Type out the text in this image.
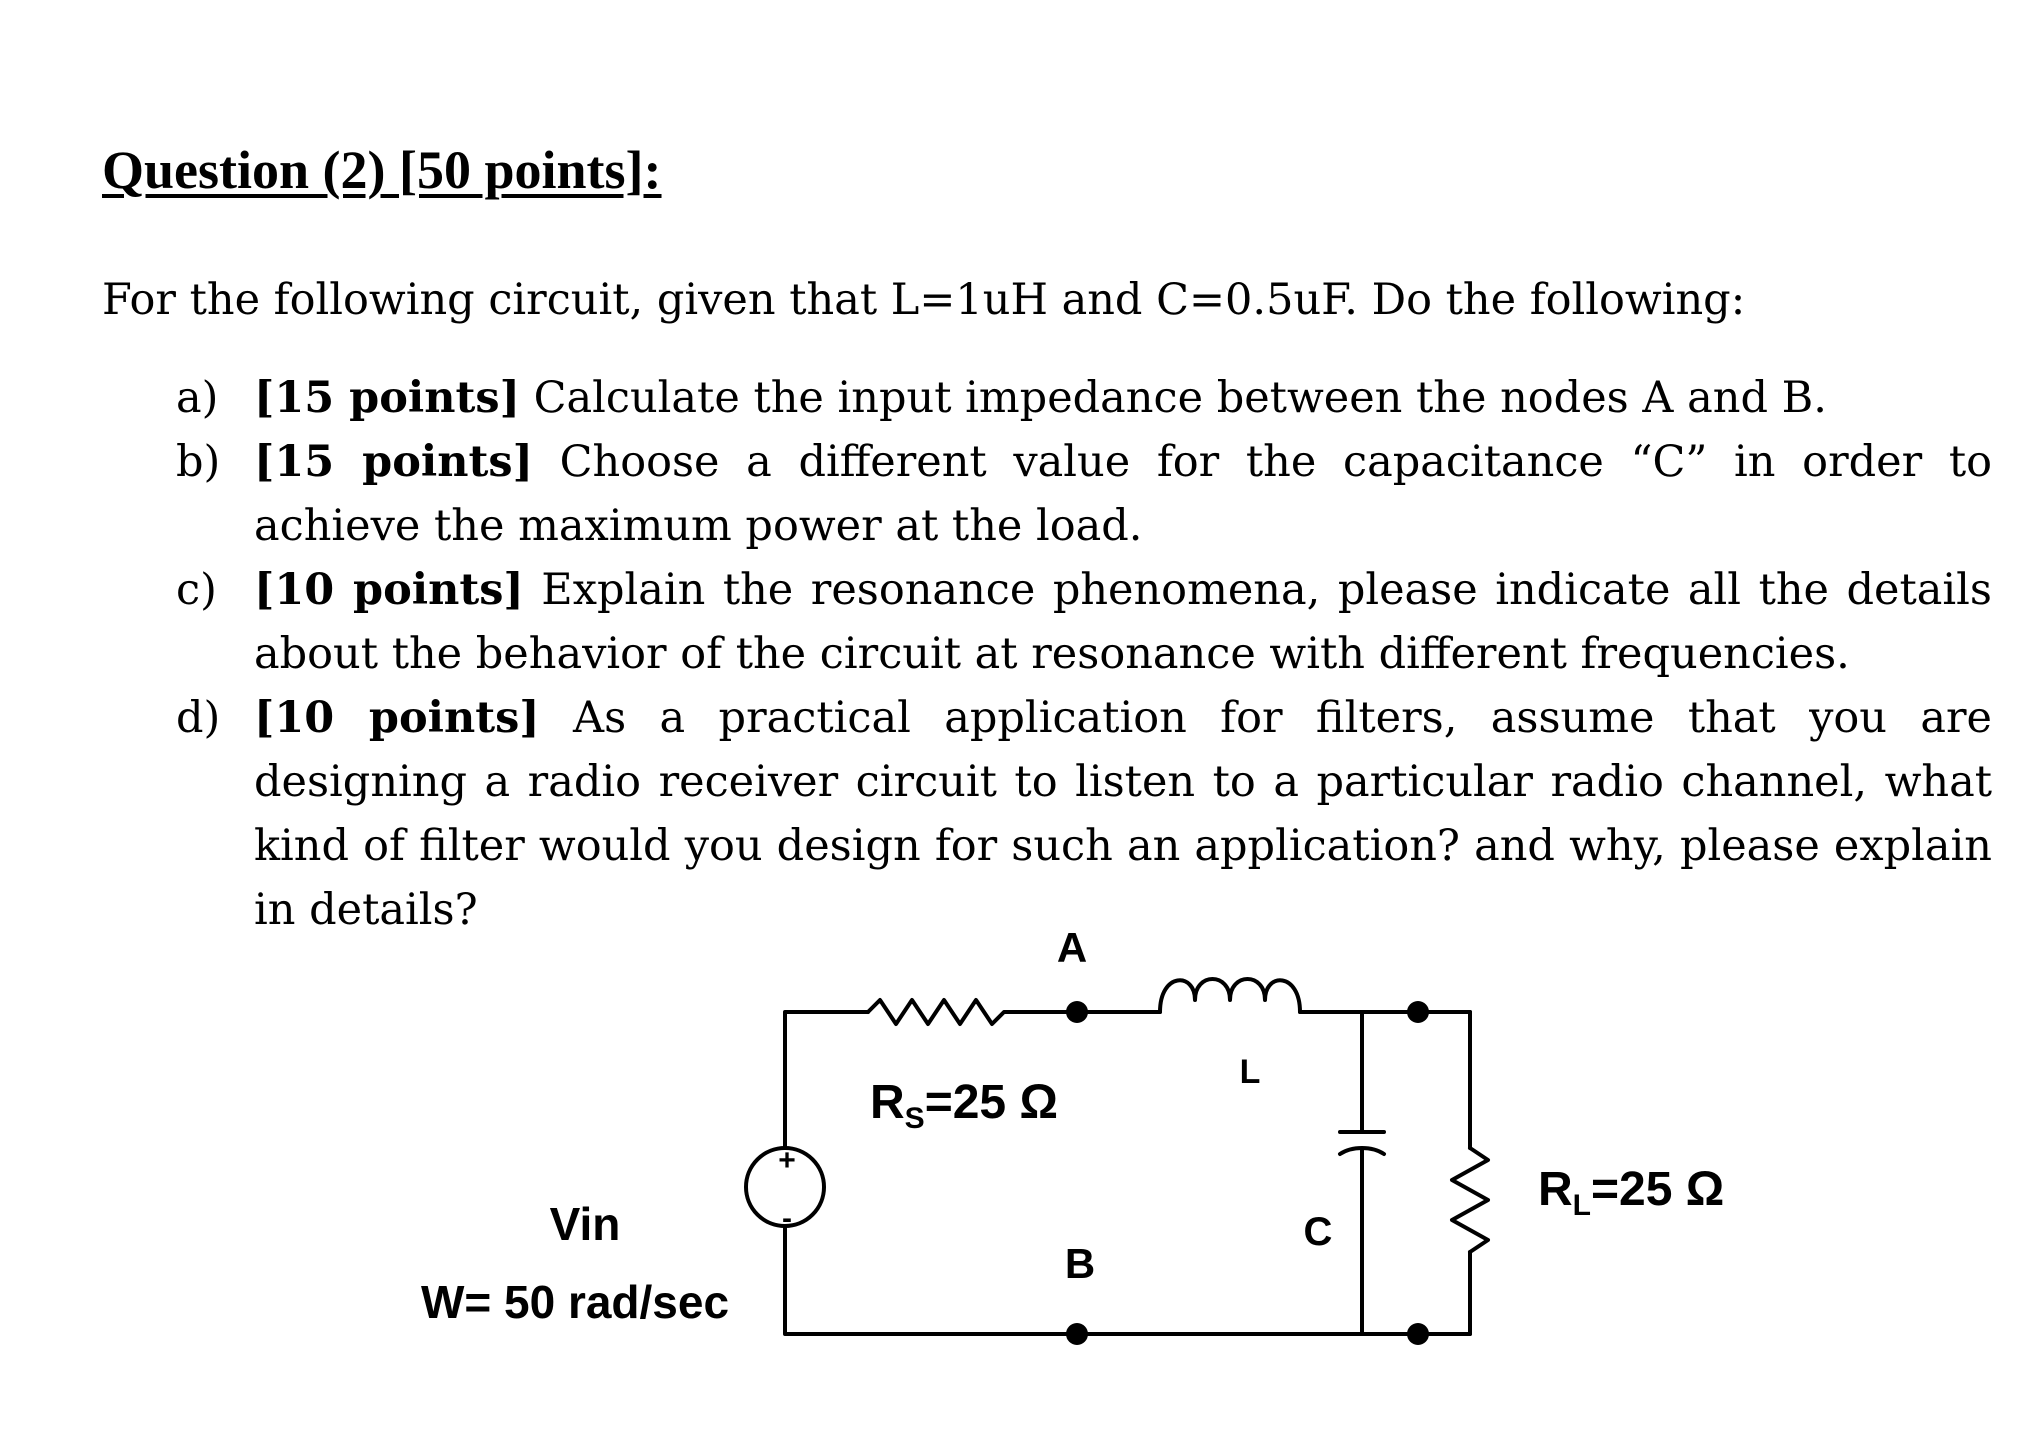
Question (2) [50 points]:
For the following circuit, given that L=1uH and C=0.5uF. Do the following:
a) [15 points] Calculate the input impedance between the nodes A and B.
b) [15 points] Choose a different value for the capacitance “C” in order to achieve the maximum power at the load.
c) [10 points] Explain the resonance phenomena, please indicate all the details about the behavior of the circuit at resonance with different frequencies.
d) [10 points] As a practical application for filters, assume that you are designing a radio receiver circuit to listen to a particular radio channel, what kind of filter would you design for such an application? and why, please explain in details?
A
L
+
-
Vin
W= 50 rad/sec
B
C
$R_S=25$ Ω
$R_L=25$ Ω
